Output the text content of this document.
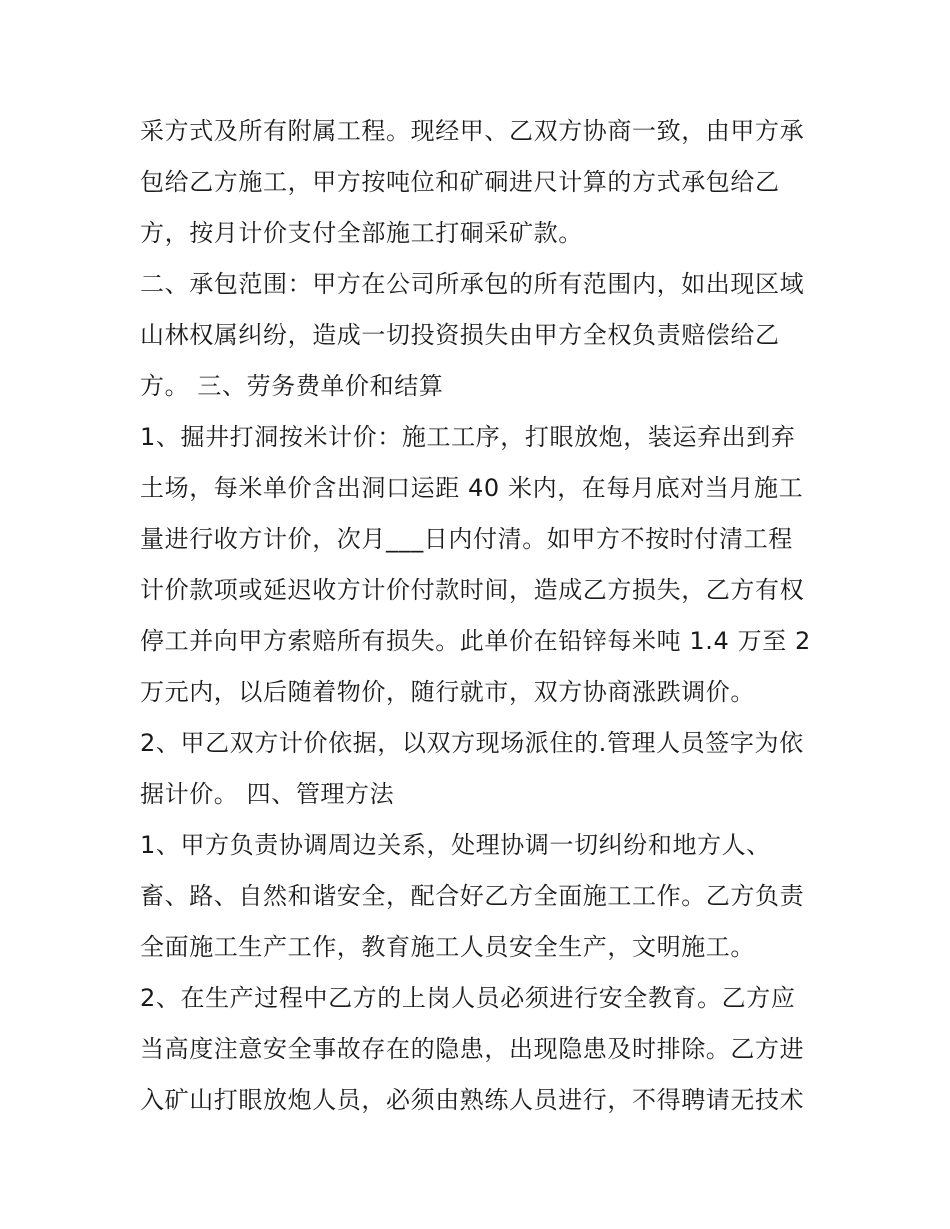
采方式及所有附属工程。现经甲、乙双方协商一致，由甲方承
包给乙方施工，甲方按吨位和矿硐进尺计算的方式承包给乙
方，按月计价支付全部施工打硐采矿款。
二、承包范围：甲方在公司所承包的所有范围内，如出现区域
山林权属纠纷，造成一切投资损失由甲方全权负责赔偿给乙
方。 三、劳务费单价和结算
1、掘井打洞按米计价：施工工序，打眼放炮，装运弃出到弃
土场，每米单价含出洞口运距 40 米内，在每月底对当月施工
量进行收方计价，次月___日内付清。如甲方不按时付清工程
计价款项或延迟收方计价付款时间，造成乙方损失，乙方有权
停工并向甲方索赔所有损失。此单价在铅锌每米吨 1.4 万至 2
万元内，以后随着物价，随行就市，双方协商涨跌调价。
2、甲乙双方计价依据，以双方现场派住的.管理人员签字为依
据计价。 四、管理方法
1、甲方负责协调周边关系，处理协调一切纠纷和地方人、
畜、路、自然和谐安全，配合好乙方全面施工工作。乙方负责
全面施工生产工作，教育施工人员安全生产，文明施工。
2、在生产过程中乙方的上岗人员必须进行安全教育。乙方应
当高度注意安全事故存在的隐患，出现隐患及时排除。乙方进
入矿山打眼放炮人员，必须由熟练人员进行，不得聘请无技术
